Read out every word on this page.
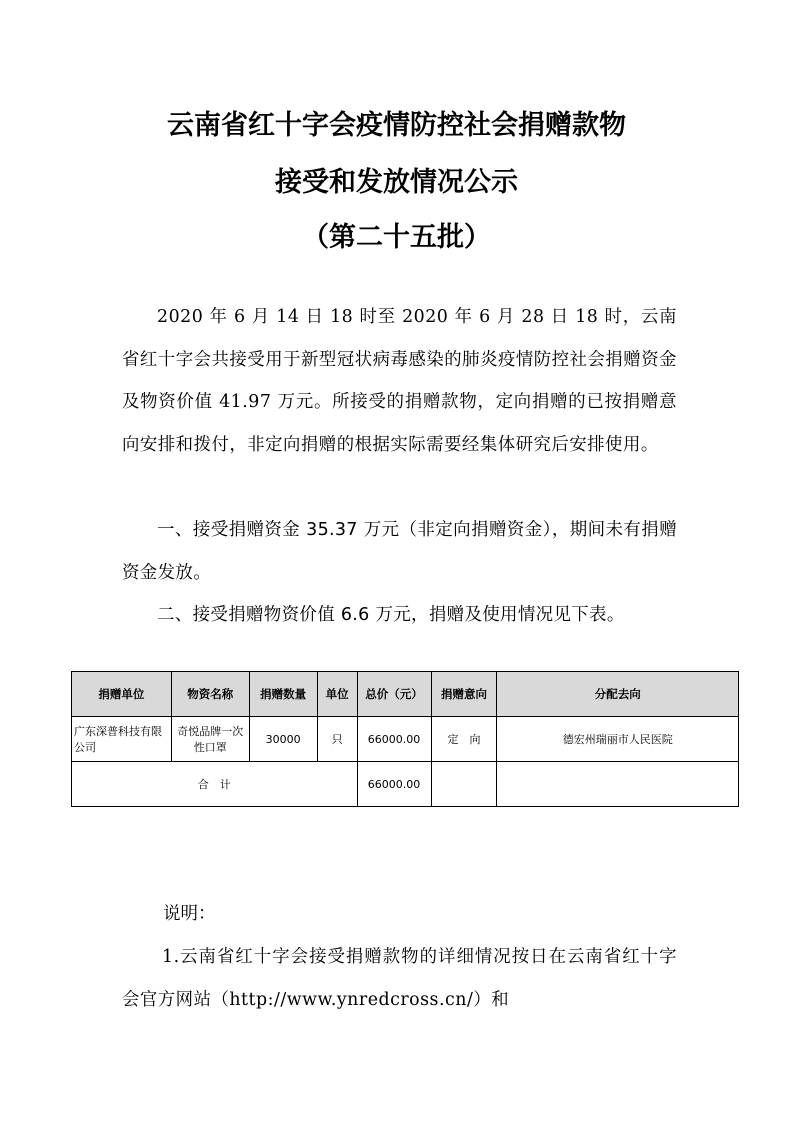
云南省红十字会疫情防控社会捐赠款物
接受和发放情况公示
（第二十五批）

2020 年 6 月 14 日 18 时至 2020 年 6 月 28 日 18 时，云南省红十字会共接受用于新型冠状病毒感染的肺炎疫情防控社会捐赠资金及物资价值 41.97 万元。所接受的捐赠款物，定向捐赠的已按捐赠意向安排和拨付，非定向捐赠的根据实际需要经集体研究后安排使用。

一、接受捐赠资金 35.37 万元（非定向捐赠资金），期间未有捐赠资金发放。

二、接受捐赠物资价值 6.6 万元，捐赠及使用情况见下表。

捐赠单位	物资名称	捐赠数量	单位	总价（元）	捐赠意向	分配去向
广东深普科技有限公司	奇悦品牌一次性口罩	30000	只	66000.00	定　向	德宏州瑞丽市人民医院
合　计				66000.00		
说明：

1.云南省红十字会接受捐赠款物的详细情况按日在云南省红十字会官方网站（http://www.ynredcross.cn/）和
